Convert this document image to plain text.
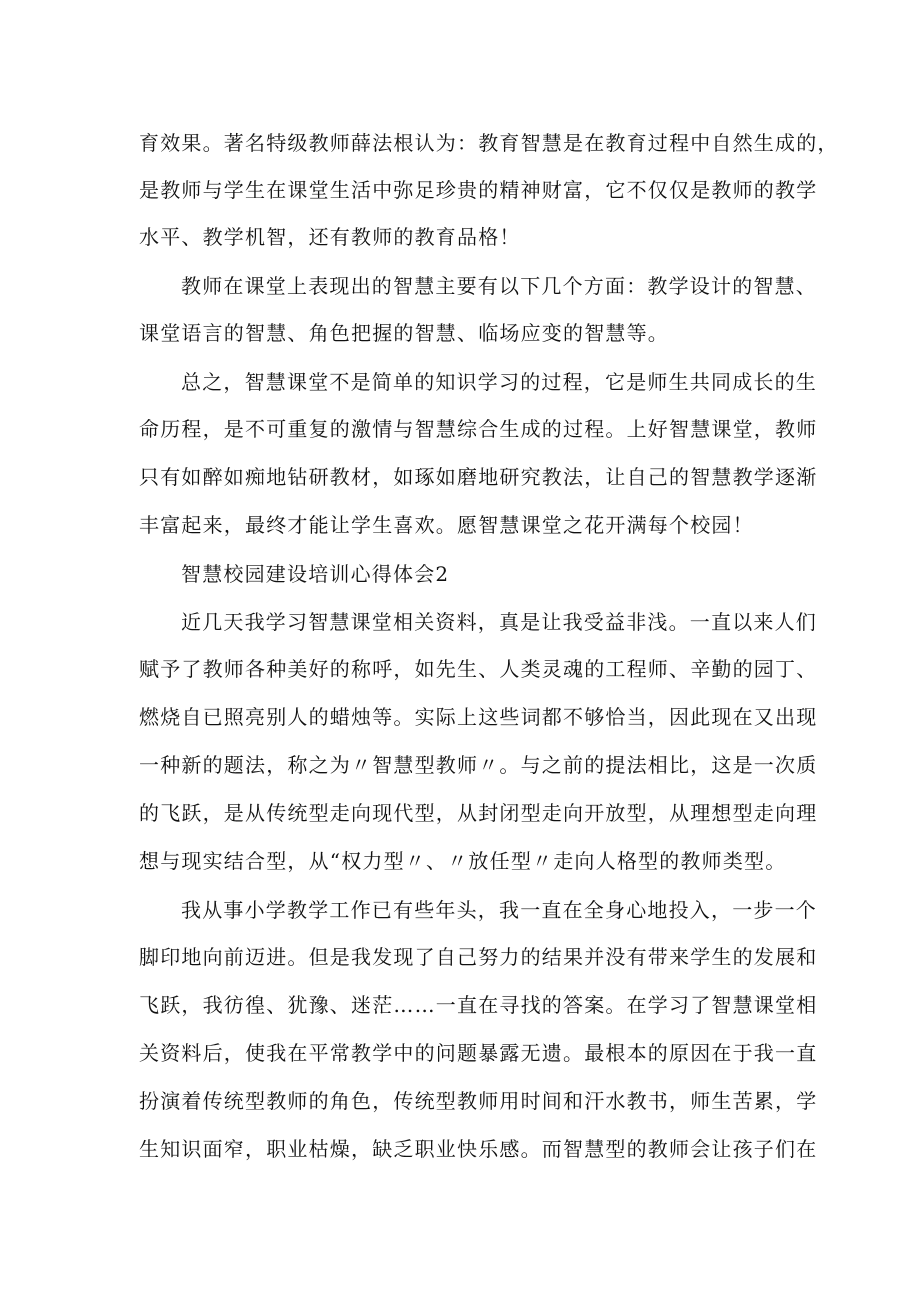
育效果。著名特级教师薛法根认为：教育智慧是在教育过程中自然生成的，
是教师与学生在课堂生活中弥足珍贵的精神财富，它不仅仅是教师的教学
水平、教学机智，还有教师的教育品格！
教师在课堂上表现出的智慧主要有以下几个方面：教学设计的智慧、
课堂语言的智慧、角色把握的智慧、临场应变的智慧等。
总之，智慧课堂不是简单的知识学习的过程，它是师生共同成长的生
命历程，是不可重复的激情与智慧综合生成的过程。上好智慧课堂，教师
只有如醉如痴地钻研教材，如琢如磨地研究教法，让自己的智慧教学逐渐
丰富起来，最终才能让学生喜欢。愿智慧课堂之花开满每个校园！
智慧校园建设培训心得体会2
近几天我学习智慧课堂相关资料，真是让我受益非浅。一直以来人们
赋予了教师各种美好的称呼，如先生、人类灵魂的工程师、辛勤的园丁、
燃烧自已照亮别人的蜡烛等。实际上这些词都不够恰当，因此现在又出现
一种新的题法，称之为〃智慧型教师〃。与之前的提法相比，这是一次质
的飞跃，是从传统型走向现代型，从封闭型走向开放型，从理想型走向理
想与现实结合型，从“权力型〃、〃放任型〃走向人格型的教师类型。
我从事小学教学工作已有些年头，我一直在全身心地投入，一步一个
脚印地向前迈进。但是我发现了自己努力的结果并没有带来学生的发展和
飞跃，我彷徨、犹豫、迷茫……一直在寻找的答案。在学习了智慧课堂相
关资料后，使我在平常教学中的问题暴露无遗。最根本的原因在于我一直
扮演着传统型教师的角色，传统型教师用时间和汗水教书，师生苦累，学
生知识面窄，职业枯燥，缺乏职业快乐感。而智慧型的教师会让孩子们在
